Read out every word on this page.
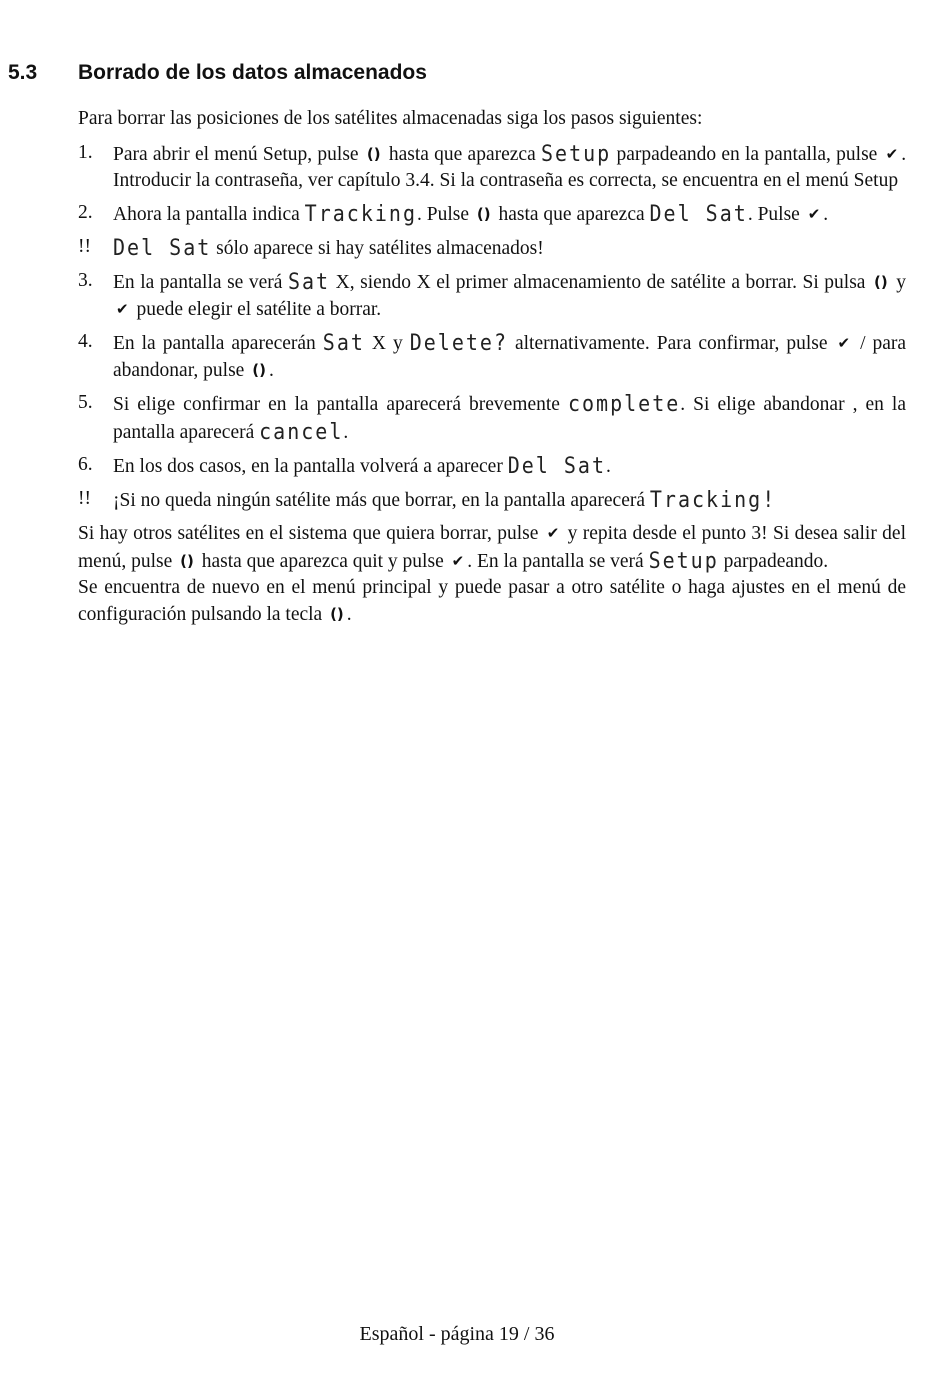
5.3 Borrado de los datos almacenados

Para borrar las posiciones de los satélites almacenadas siga los pasos siguientes:

1.	Para abrir el menú Setup, pulse () hasta que aparezca Setup parpadeando en la pantalla, pulse ✔ . Introducir la contraseña, ver capítulo 3.4. Si la contraseña es correcta, se encuentra en el menú Setup
2.	Ahora la pantalla indica Tracking. Pulse () hasta que aparezca Del Sat. Pulse ✔ .
!!	Del Sat sólo aparece si hay satélites almacenados!
3.	En la pantalla se verá Sat X, siendo X el primer almacenamiento de satélite a borrar. Si pulsa () y ✔ puede elegir el satélite a borrar.
4.	En la pantalla aparecerán Sat X y Delete? alternativamente. Para confirmar, pulse ✔ / para abandonar, pulse () .
5.	Si elige confirmar en la pantalla aparecerá brevemente complete. Si elige abandonar , en la pantalla aparecerá cancel.
6.	En los dos casos, en la pantalla volverá a aparecer Del Sat.
!!	¡Si no queda ningún satélite más que borrar, en la pantalla aparecerá Tracking!

Si hay otros satélites en el sistema que quiera borrar, pulse ✔ y repita desde el punto 3! Si desea salir del menú, pulse () hasta que aparezca quit y pulse ✔ . En la pantalla se verá Setup parpadeando.

Se encuentra de nuevo en el menú principal y puede pasar a otro satélite o haga ajustes en el menú de configuración pulsando la tecla () .

Español - página 19 / 36
